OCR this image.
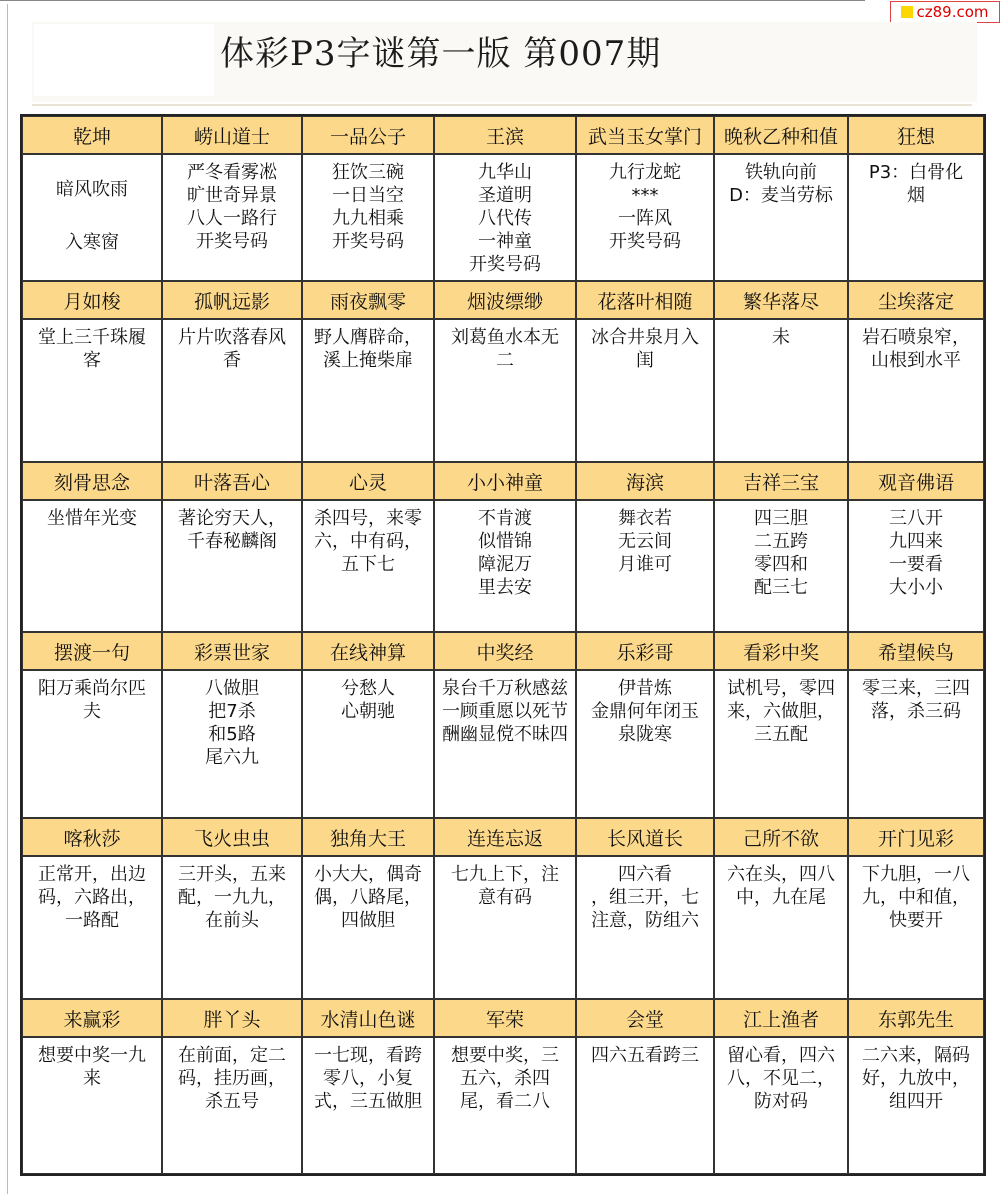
cz89.com
体彩P3字谜第一版 第007期
乾坤
暗风吹雨
入寒窗
崂山道士
严冬看雾凇
旷世奇异景
八人一路行
开奖号码
一品公子
狂饮三碗
一日当空
九九相乘
开奖号码
王滨
九华山
圣道明
八代传
一神童
开奖号码
武当玉女掌门
九行龙蛇
***
一阵风
开奖号码
晚秋乙种和值
铁轨向前
D：麦当劳标
狂想
P3：白骨化
烟
月如梭
堂上三千珠履
客
孤帆远影
片片吹落春风
香
雨夜飘零
野人膺辟命，
溪上掩柴扉
烟波缥缈
刘葛鱼水本无
二
花落叶相随
冰合井泉月入
闺
繁华落尽
未
尘埃落定
岩石喷泉窄，
山根到水平
刻骨思念
坐惜年光变
叶落吾心
著论穷天人，
千春秘麟阁
心灵
杀四号，来零
六，中有码，
五下七
小小神童
不肯渡
似惜锦
障泥万
里去安
海滨
舞衣若
无云间
月谁可
吉祥三宝
四三胆
二五跨
零四和
配三七
观音佛语
三八开
九四来
一要看
大小小
摆渡一句
阳万乘尚尔匹
夫
彩票世家
八做胆
把7杀
和5路
尾六九
在线神算
兮愁人
心朝驰
中奖经
泉台千万秋感兹
一顾重愿以死节
酬幽显傥不昧四
乐彩哥
伊昔炼
金鼎何年闭玉
泉陇寒
看彩中奖
试机号，零四
来，六做胆，
三五配
希望候鸟
零三来，三四
落，杀三码
喀秋莎
正常开，出边
码，六路出，
一路配
飞火虫虫
三开头，五来
配，一九九，
在前头
独角大王
小大大，偶奇
偶，八路尾，
四做胆
连连忘返
七九上下，注
意有码
长风道长
四六看
，组三开，七
注意，防组六
己所不欲
六在头，四八
中，九在尾
开门见彩
下九胆，一八
九，中和值，
快要开
来赢彩
想要中奖一九
来
胖丫头
在前面，定二
码，挂历画，
杀五号
水清山色谜
一七现，看跨
零八，小复
式，三五做胆
军荣
想要中奖，三
五六，杀四
尾，看二八
会堂
四六五看跨三
江上渔者
留心看，四六
八，不见二，
防对码
东郭先生
二六来，隔码
好，九放中，
组四开
